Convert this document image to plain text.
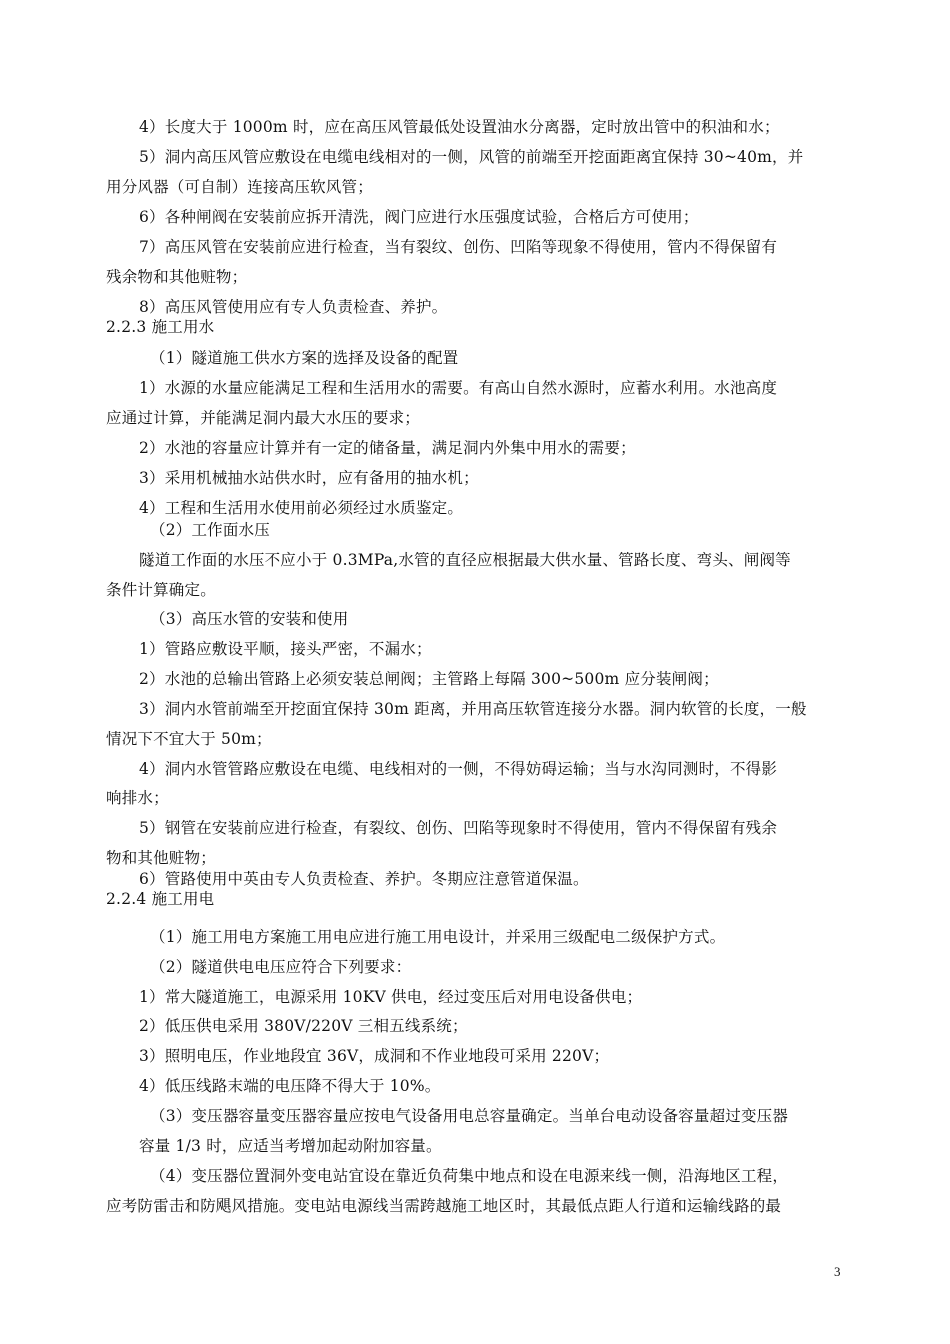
4）长度大于 1000m 时，应在高压风管最低处设置油水分离器，定时放出管中的积油和水；
5）洞内高压风管应敷设在电缆电线相对的一侧，风管的前端至开挖面距离宜保持 30~40m，并
用分风器（可自制）连接高压软风管；
6）各种闸阀在安装前应拆开清洗，阀门应进行水压强度试验，合格后方可使用；
7）高压风管在安装前应进行检查，当有裂纹、创伤、凹陷等现象不得使用，管内不得保留有
残余物和其他赃物；
8）高压风管使用应有专人负责检查、养护。
2.2.3 施工用水
（1）隧道施工供水方案的选择及设备的配置
1）水源的水量应能满足工程和生活用水的需要。有高山自然水源时，应蓄水利用。水池高度
应通过计算，并能满足洞内最大水压的要求；
2）水池的容量应计算并有一定的储备量，满足洞内外集中用水的需要；
3）采用机械抽水站供水时，应有备用的抽水机；
4）工程和生活用水使用前必须经过水质鉴定。
（2）工作面水压
隧道工作面的水压不应小于 0.3MPa,水管的直径应根据最大供水量、管路长度、弯头、闸阀等
条件计算确定。
（3）高压水管的安装和使用
1）管路应敷设平顺，接头严密，不漏水；
2）水池的总输出管路上必须安装总闸阀；主管路上每隔 300~500m 应分装闸阀；
3）洞内水管前端至开挖面宜保持 30m 距离，并用高压软管连接分水器。洞内软管的长度，一般
情况下不宜大于 50m；
4）洞内水管管路应敷设在电缆、电线相对的一侧，不得妨碍运输；当与水沟同测时，不得影
响排水；
5）钢管在安装前应进行检查，有裂纹、创伤、凹陷等现象时不得使用，管内不得保留有残余
物和其他赃物；
6）管路使用中英由专人负责检查、养护。冬期应注意管道保温。
2.2.4 施工用电
（1）施工用电方案施工用电应进行施工用电设计，并采用三级配电二级保护方式。
（2）隧道供电电压应符合下列要求：
1）常大隧道施工，电源采用 10KV 供电，经过变压后对用电设备供电；
2）低压供电采用 380V/220V 三相五线系统；
3）照明电压，作业地段宜 36V，成洞和不作业地段可采用 220V；
4）低压线路末端的电压降不得大于 10%。
（3）变压器容量变压器容量应按电气设备用电总容量确定。当单台电动设备容量超过变压器
容量 1/3 时，应适当考增加起动附加容量。
（4）变压器位置洞外变电站宜设在靠近负荷集中地点和设在电源来线一侧，沿海地区工程，
应考防雷击和防飓风措施。变电站电源线当需跨越施工地区时，其最低点距人行道和运输线路的最
3
